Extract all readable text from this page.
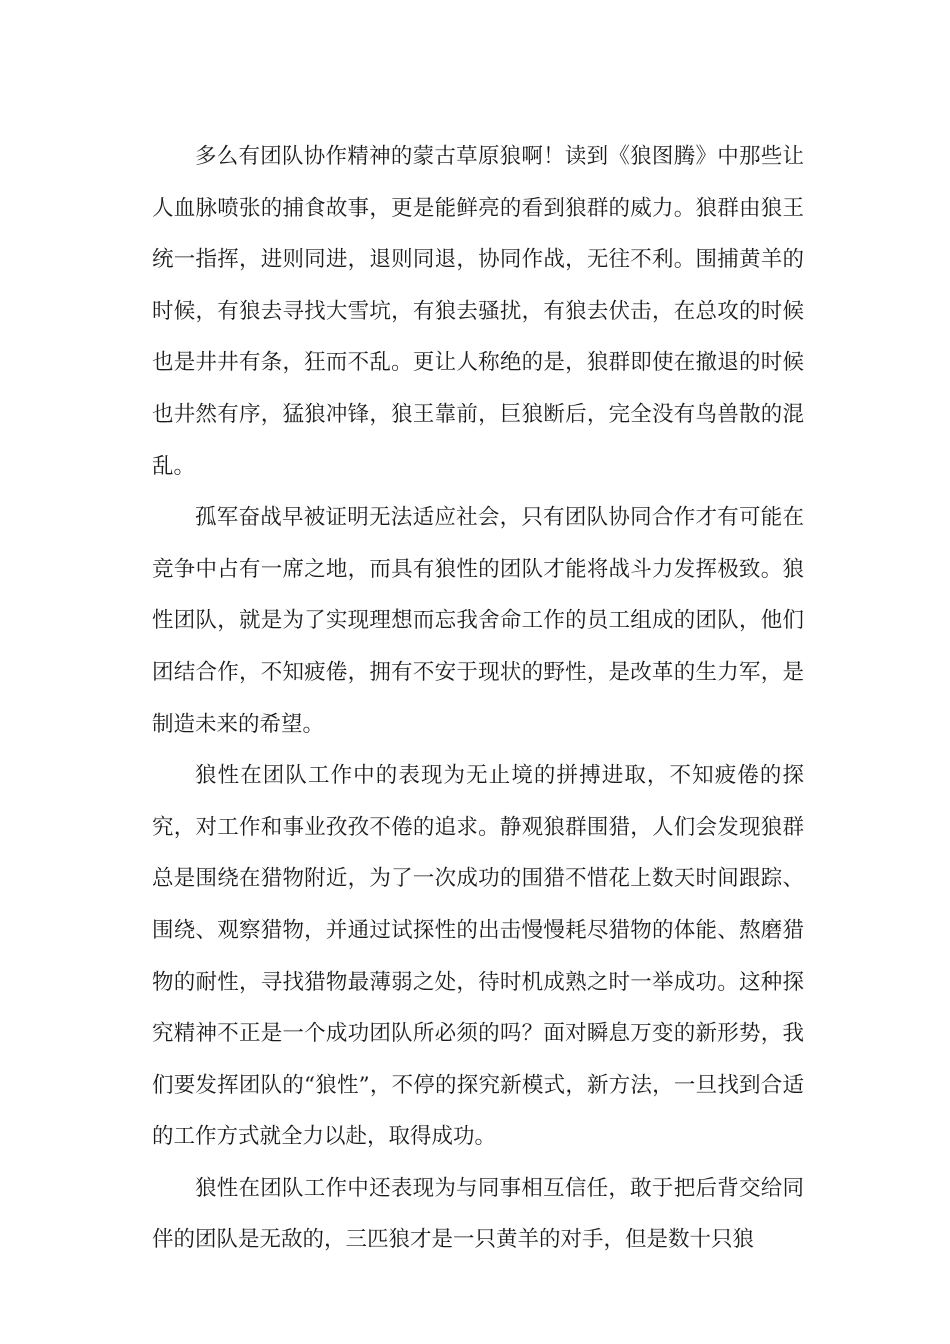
多么有团队协作精神的蒙古草原狼啊！读到《狼图腾》中那些让人血脉喷张的捕食故事，更是能鲜亮的看到狼群的威力。狼群由狼王统一指挥，进则同进，退则同退，协同作战，无往不利。围捕黄羊的时候，有狼去寻找大雪坑，有狼去骚扰，有狼去伏击，在总攻的时候也是井井有条，狂而不乱。更让人称绝的是，狼群即使在撤退的时候也井然有序，猛狼冲锋，狼王靠前，巨狼断后，完全没有鸟兽散的混乱。

孤军奋战早被证明无法适应社会，只有团队协同合作才有可能在竞争中占有一席之地，而具有狼性的团队才能将战斗力发挥极致。狼性团队，就是为了实现理想而忘我舍命工作的员工组成的团队，他们团结合作，不知疲倦，拥有不安于现状的野性，是改革的生力军，是制造未来的希望。

狼性在团队工作中的表现为无止境的拼搏进取，不知疲倦的探究，对工作和事业孜孜不倦的追求。静观狼群围猎，人们会发现狼群总是围绕在猎物附近，为了一次成功的围猎不惜花上数天时间跟踪、围绕、观察猎物，并通过试探性的出击慢慢耗尽猎物的体能、熬磨猎物的耐性，寻找猎物最薄弱之处，待时机成熟之时一举成功。这种探究精神不正是一个成功团队所必须的吗？面对瞬息万变的新形势，我们要发挥团队的“狼性”，不停的探究新模式，新方法，一旦找到合适的工作方式就全力以赴，取得成功。

狼性在团队工作中还表现为与同事相互信任，敢于把后背交给同伴的团队是无敌的，三匹狼才是一只黄羊的对手，但是数十只狼
